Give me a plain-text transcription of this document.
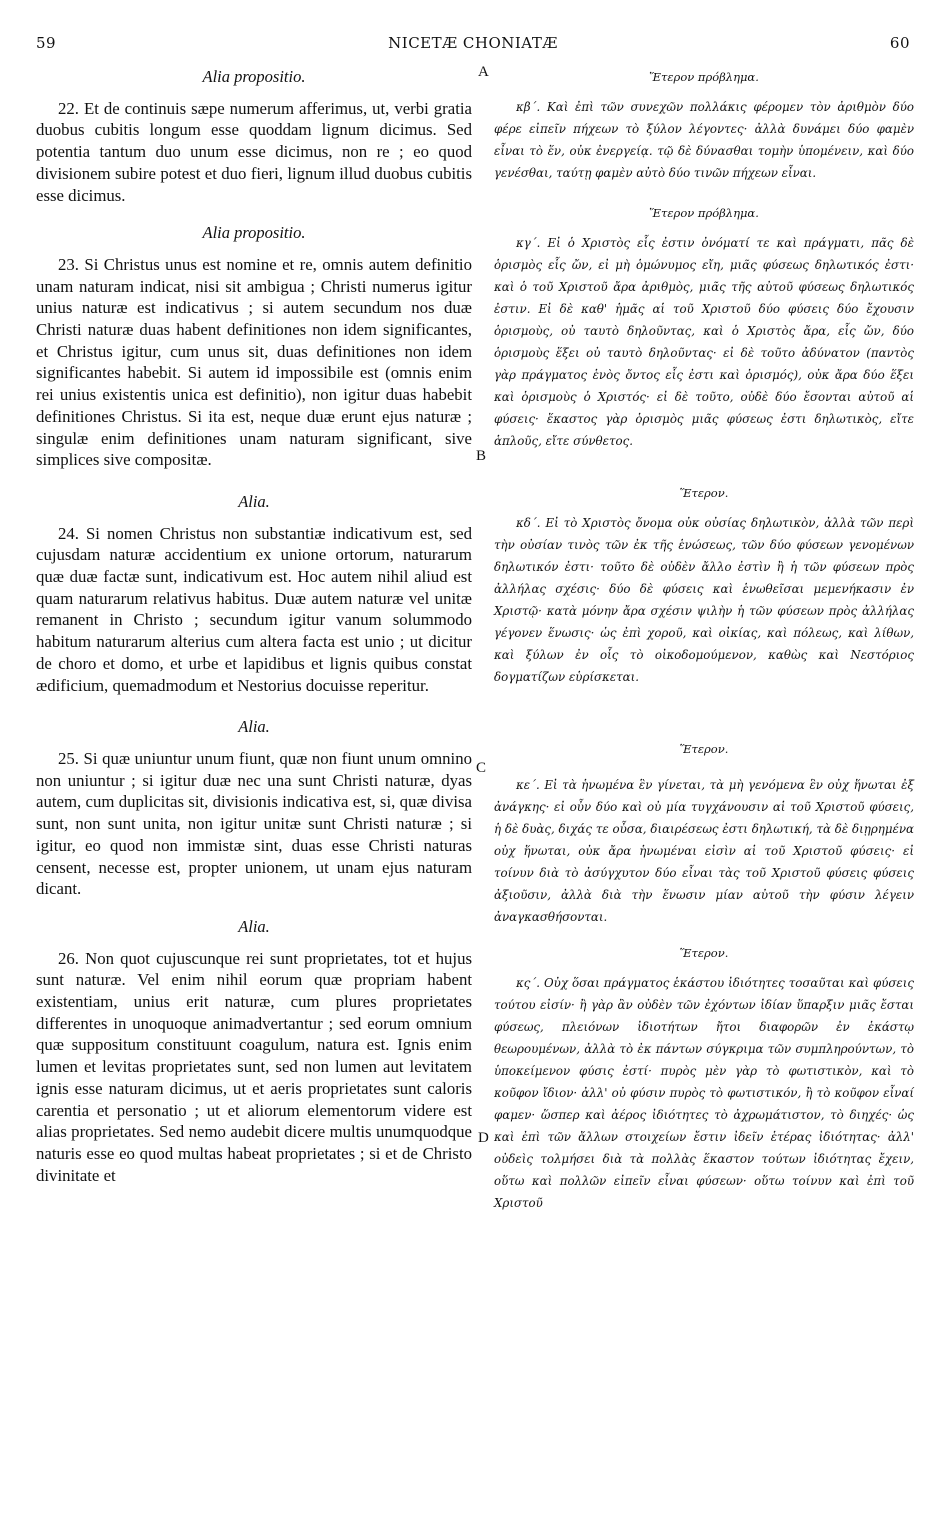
59	NICETÆ CHONIATÆ	60
A
B
C
D

Alia propositio.

22. Et de continuis sæpe numerum afferimus, ut, verbi gratia duobus cubitis longum esse quoddam lignum dicimus. Sed potentia tantum duo unum esse dicimus, non re ; eo quod divisionem subire potest et duo fieri, lignum illud duobus cubitis esse dicimus.

Alia propositio.

23. Si Christus unus est nomine et re, omnis autem definitio unam naturam indicat, nisi sit ambigua ; Christi numerus igitur unius naturæ est indicativus ; si autem secundum nos duæ Christi naturæ duas habent definitiones non idem significantes, et Christus igitur, cum unus sit, duas definitiones non idem significantes habebit. Si autem id impossibile est (omnis enim rei unius existentis unica est definitio), non igitur duas habebit definitiones Christus. Si ita est, neque duæ erunt ejus naturæ ; singulæ enim definitiones unam naturam significant, sive simplices sive compositæ.

Alia.

24. Si nomen Christus non substantiæ indicativum est, sed cujusdam naturæ accidentium ex unione ortorum, naturarum quæ duæ factæ sunt, indicativum est. Hoc autem nihil aliud est quam naturarum relativus habitus. Duæ autem naturæ vel unitæ remanent in Christo ; secundum igitur vanum solummodo habitum naturarum alterius cum altera facta est unio ; ut dicitur de choro et domo, et urbe et lapidibus et lignis quibus constat ædificium, quemadmodum et Nestorius docuisse reperitur.

Alia.

25. Si quæ uniuntur unum fiunt, quæ non fiunt unum omnino non uniuntur ; si igitur duæ nec una sunt Christi naturæ, dyas autem, cum duplicitas sit, divisionis indicativa est, si, quæ divisa sunt, non sunt unita, non igitur unitæ sunt Christi naturæ ; si igitur, eo quod non immistæ sint, duas esse Christi naturas censent, necesse est, propter unionem, ut unam ejus naturam dicant.

Alia.

26. Non quot cujuscunque rei sunt proprietates, tot et hujus sunt naturæ. Vel enim nihil eorum quæ propriam habent existentiam, unius erit naturæ, cum plures proprietates differentes in unoquoque animadvertantur ; sed eorum omnium quæ suppositum constituunt coagulum, natura est. Ignis enim lumen et levitas proprietates sunt, sed non lumen aut levitatem ignis esse naturam dicimus, ut et aeris proprietates sunt caloris carentia et personatio ; ut et aliorum elementorum videre est alias proprietates. Sed nemo audebit dicere multis unumquodque naturis esse eo quod multas habeat proprietates ; si et de Christo divinitate et

Ἕτερον πρόβλημα.

κβ΄. Καὶ ἐπὶ τῶν συνεχῶν πολλάκις φέρομεν τὸν ἀριθμὸν δύο φέρε εἰπεῖν πήχεων τὸ ξύλον λέγοντες· ἀλλὰ δυνάμει δύο φαμὲν εἶναι τὸ ἕν, οὐκ ἐνεργείᾳ. τῷ δὲ δύνασθαι τομὴν ὑπομένειν, καὶ δύο γενέσθαι, ταύτῃ φαμὲν αὐτὸ δύο τινῶν πήχεων εἶναι.

Ἕτερον πρόβλημα.

κγ΄. Εἰ ὁ Χριστὸς εἷς ἐστιν ὀνόματί τε καὶ πράγματι, πᾶς δὲ ὁρισμὸς εἷς ὤν, εἰ μὴ ὁμώνυμος εἴη, μιᾶς φύσεως δηλωτικός ἐστι· καὶ ὁ τοῦ Χριστοῦ ἄρα ἀριθμὸς, μιᾶς τῆς αὐτοῦ φύσεως δηλωτικός ἐστιν. Εἰ δὲ καθ' ἡμᾶς αἱ τοῦ Χριστοῦ δύο φύσεις δύο ἔχουσιν ὁρισμοὺς, οὐ ταυτὸ δηλοῦντας, καὶ ὁ Χριστὸς ἄρα, εἷς ὤν, δύο ὁρισμοὺς ἕξει οὐ ταυτὸ δηλοῦντας· εἰ δὲ τοῦτο ἀδύνατον (παντὸς γὰρ πράγματος ἑνὸς ὄντος εἷς ἐστι καὶ ὁρισμός), οὐκ ἄρα δύο ἕξει καὶ ὁρισμοὺς ὁ Χριστός· εἰ δὲ τοῦτο, οὐδὲ δύο ἔσονται αὐτοῦ αἱ φύσεις· ἕκαστος γὰρ ὁρισμὸς μιᾶς φύσεως ἐστι δηλωτικὸς, εἴτε ἁπλοῦς, εἴτε σύνθετος.

Ἕτερον.

κδ΄. Εἰ τὸ Χριστὸς ὄνομα οὐκ οὐσίας δηλωτικὸν, ἀλλὰ τῶν περὶ τὴν οὐσίαν τινὸς τῶν ἐκ τῆς ἑνώσεως, τῶν δύο φύσεων γενομένων δηλωτικόν ἐστι· τοῦτο δὲ οὐδὲν ἄλλο ἐστὶν ἢ ἡ τῶν φύσεων πρὸς ἀλλήλας σχέσις· δύο δὲ φύσεις καὶ ἑνωθεῖσαι μεμενήκασιν ἐν Χριστῷ· κατὰ μόνην ἄρα σχέσιν ψιλὴν ἡ τῶν φύσεων πρὸς ἀλλήλας γέγονεν ἕνωσις· ὡς ἐπὶ χοροῦ, καὶ οἰκίας, καὶ πόλεως, καὶ λίθων, καὶ ξύλων ἐν οἷς τὸ οἰκοδομούμενον, καθὼς καὶ Νεστόριος δογματίζων εὑρίσκεται.

Ἕτερον.

κε΄. Εἰ τὰ ἡνωμένα ἓν γίνεται, τὰ μὴ γενόμενα ἓν οὐχ ἥνωται ἐξ ἀνάγκης· εἰ οὖν δύο καὶ οὐ μία τυγχάνουσιν αἱ τοῦ Χριστοῦ φύσεις, ἡ δὲ δυὰς, διχάς τε οὖσα, διαιρέσεως ἐστι δηλωτική, τὰ δὲ διῃρημένα οὐχ ἥνωται, οὐκ ἄρα ἡνωμέναι εἰσὶν αἱ τοῦ Χριστοῦ φύσεις· εἰ τοίνυν διὰ τὸ ἀσύγχυτον δύο εἶναι τὰς τοῦ Χριστοῦ φύσεις φύσεις ἀξιοῦσιν, ἀλλὰ διὰ τὴν ἕνωσιν μίαν αὐτοῦ τὴν φύσιν λέγειν ἀναγκασθήσονται.

Ἕτερον.

κς΄. Οὐχ ὅσαι πράγματος ἑκάστου ἰδιότητες τοσαῦται καὶ φύσεις τούτου εἰσίν· ἢ γὰρ ἂν οὐδὲν τῶν ἐχόντων ἰδίαν ὕπαρξιν μιᾶς ἔσται φύσεως, πλειόνων ἰδιοτήτων ἤτοι διαφορῶν ἐν ἑκάστῳ θεωρουμένων, ἀλλὰ τὸ ἐκ πάντων σύγκριμα τῶν συμπληρούντων, τὸ ὑποκείμενον φύσις ἐστί· πυρὸς μὲν γὰρ τὸ φωτιστικὸν, καὶ τὸ κοῦφον ἴδιον· ἀλλ' οὐ φύσιν πυρὸς τὸ φωτιστικόν, ἢ τὸ κοῦφον εἶναί φαμεν· ὥσπερ καὶ ἀέρος ἰδιότητες τὸ ἀχρωμάτιστον, τὸ διηχές· ὡς καὶ ἐπὶ τῶν ἄλλων στοιχείων ἔστιν ἰδεῖν ἑτέρας ἰδιότητας· ἀλλ' οὐδεὶς τολμήσει διὰ τὰ πολλὰς ἕκαστον τούτων ἰδιότητας ἔχειν, οὕτω καὶ πολλῶν εἰπεῖν εἶναι φύσεων· οὕτω τοίνυν καὶ ἐπὶ τοῦ Χριστοῦ
